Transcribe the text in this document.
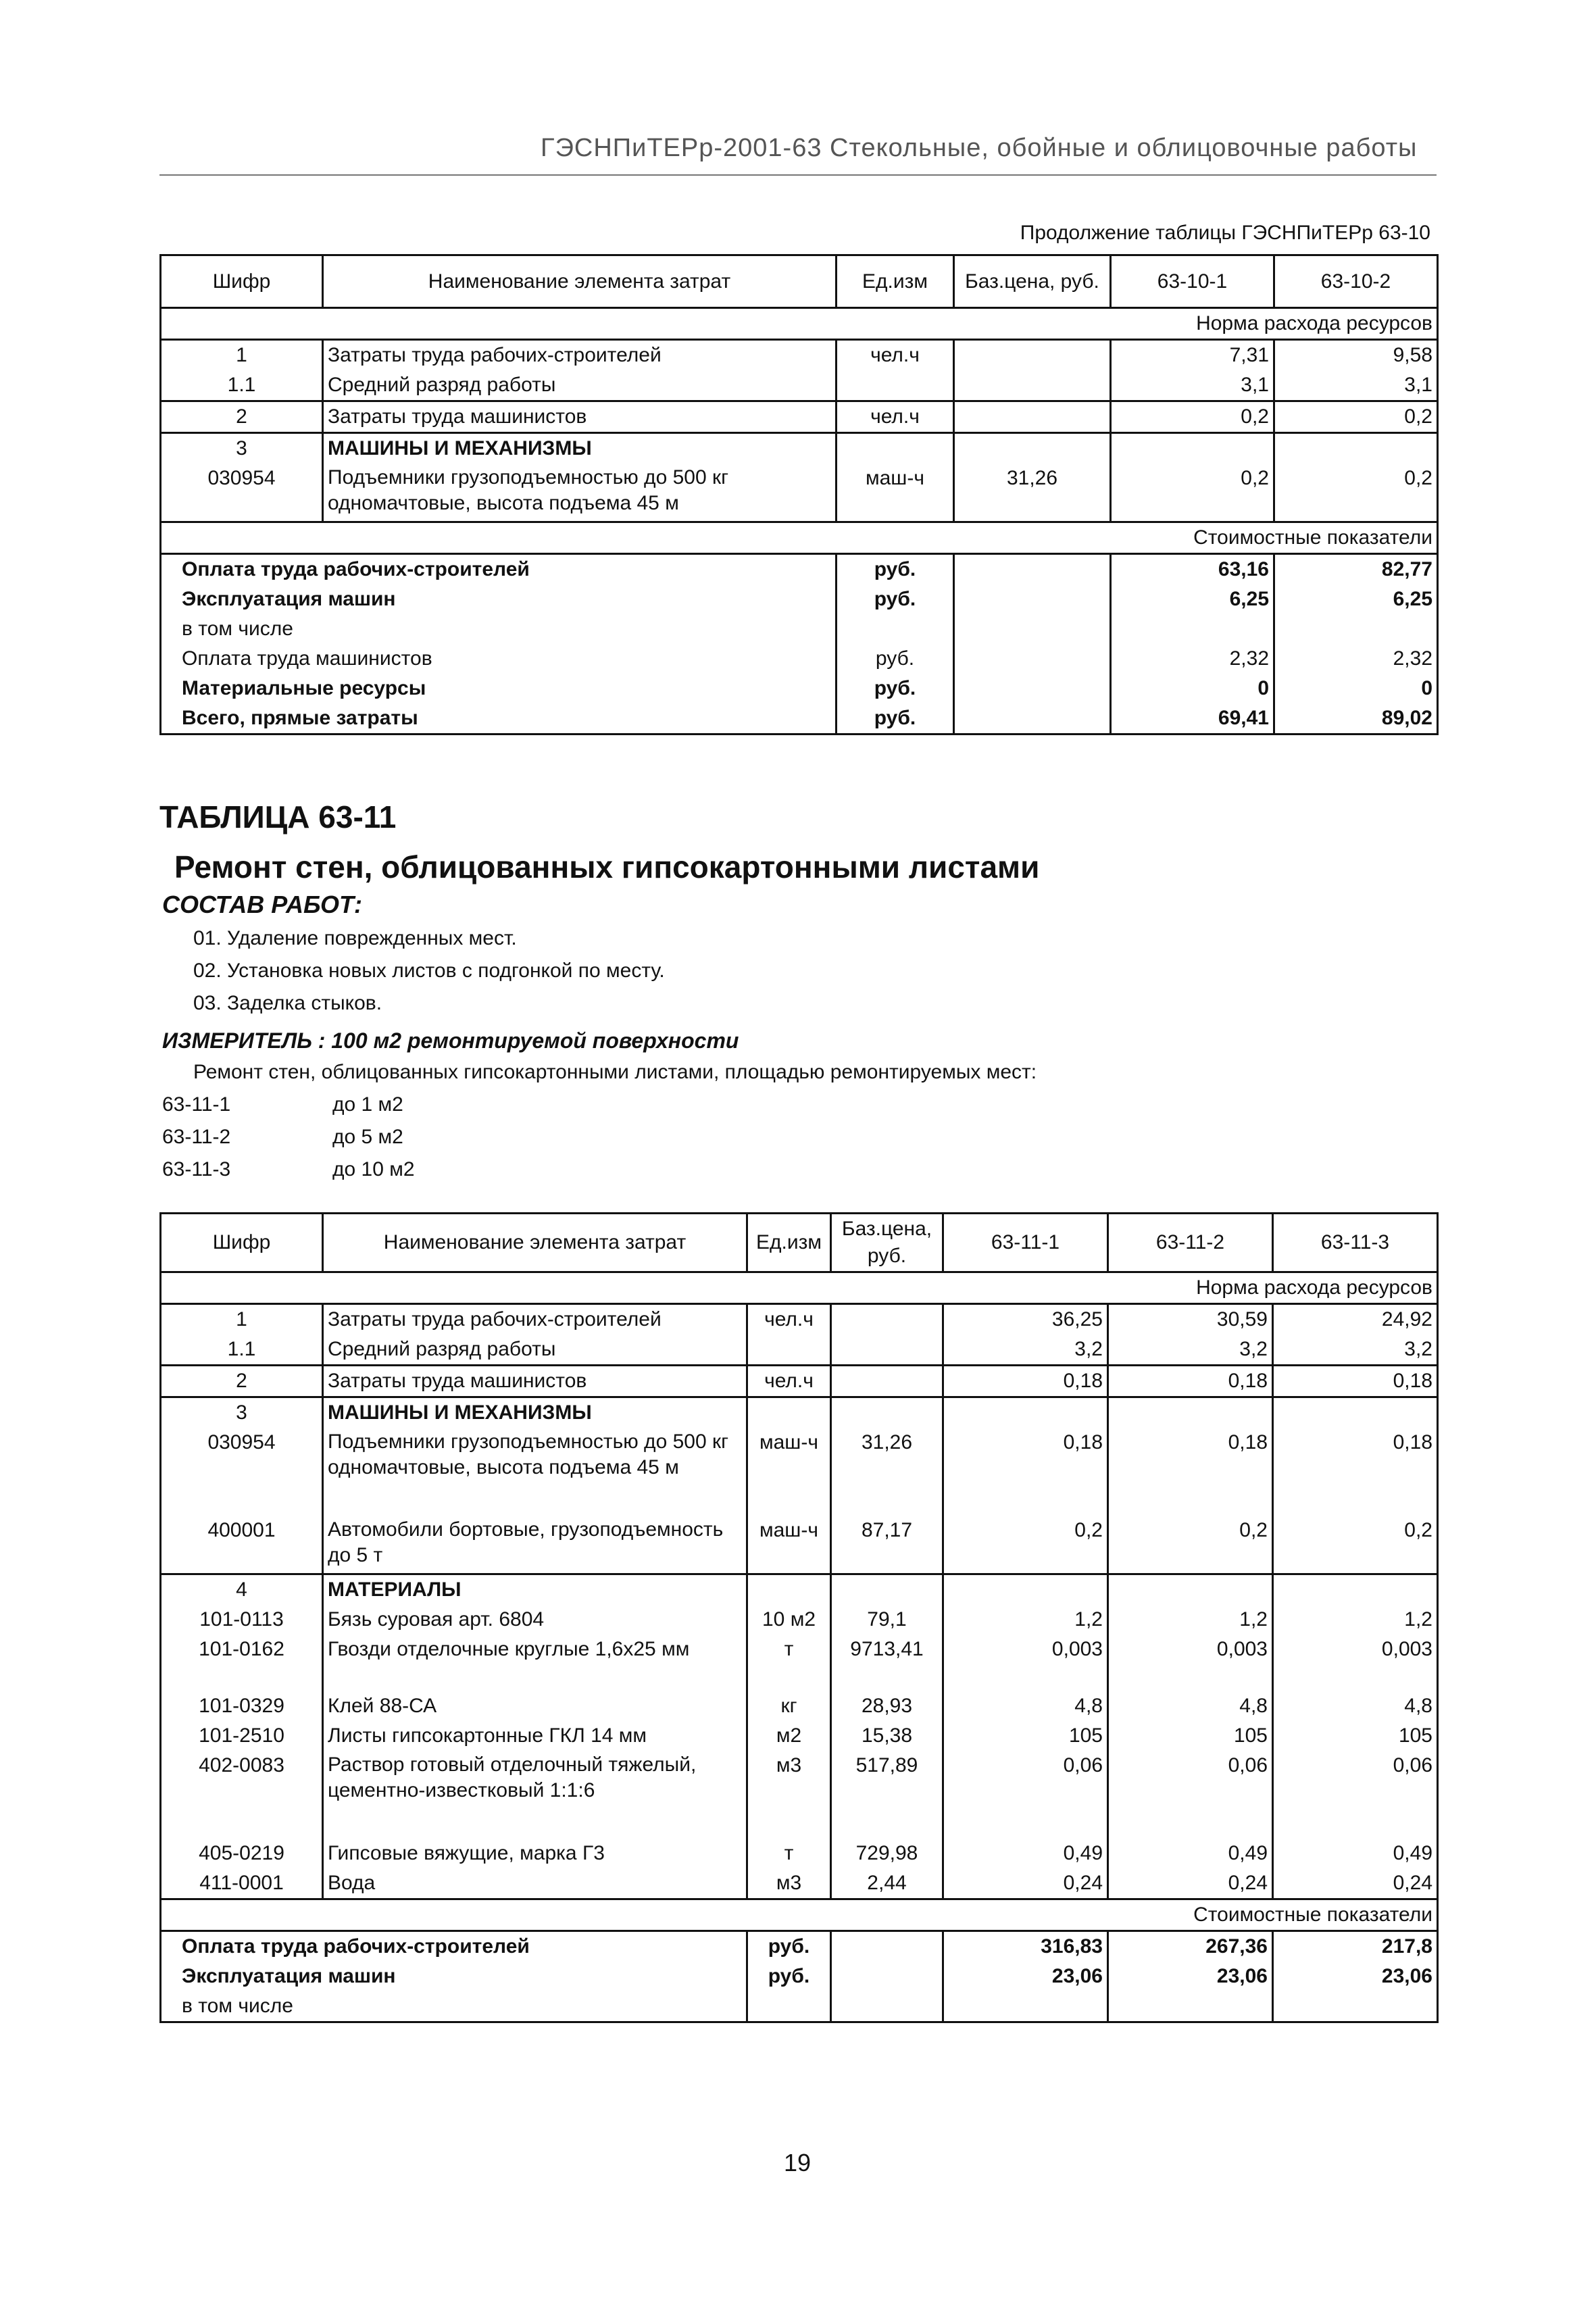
ГЭСНПиТЕРр-2001-63 Стекольные, обойные и облицовочные работы
Продолжение таблицы ГЭСНПиТЕРр 63-10
Шифр	Наименование элемента затрат	Ед.изм	Баз.цена, руб.	63-10-1	63-10-2
Норма расхода ресурсов					
1	Затраты труда рабочих-строителей	чел.ч		7,31	9,58
1.1	Средний разряд работы			3,1	3,1
2	Затраты труда машинистов	чел.ч		0,2	0,2
3	МАШИНЫ И МЕХАНИЗМЫ				
030954	Подъемники грузоподъемностью до 500 кг одномачтовые, высота подъема 45 м	маш-ч	31,26	0,2	0,2
Стоимостные показатели					
Оплата труда рабочих-строителей		руб.		63,16	82,77
Эксплуатация машин		руб.		6,25	6,25
в том числе					
Оплата труда машинистов		руб.		2,32	2,32
Материальные ресурсы		руб.		0	0
Всего, прямые затраты		руб.		69,41	89,02
ТАБЛИЦА 63-11
Ремонт стен, облицованных гипсокартонными листами
СОСТАВ РАБОТ:
01. Удаление поврежденных мест.
02. Установка новых листов с подгонкой по месту.
03. Заделка стыков.
ИЗМЕРИТЕЛЬ : 100 м2 ремонтируемой поверхности
Ремонт стен, облицованных гипсокартонными листами, площадью ремонтируемых мест:
63-11-1	до 1 м2
63-11-2	до 5 м2
63-11-3	до 10 м2
Шифр	Наименование элемента затрат	Ед.изм	Баз.цена, руб.	63-11-1	63-11-2	63-11-3
Норма расхода ресурсов						
1	Затраты труда рабочих-строителей	чел.ч		36,25	30,59	24,92
1.1	Средний разряд работы			3,2	3,2	3,2
2	Затраты труда машинистов	чел.ч		0,18	0,18	0,18
3	МАШИНЫ И МЕХАНИЗМЫ					
030954	Подъемники грузоподъемностью до 500 кг одномачтовые, высота подъема 45 м	маш-ч	31,26	0,18	0,18	0,18
400001	Автомобили бортовые, грузоподъемность до 5 т	маш-ч	87,17	0,2	0,2	0,2
4	МАТЕРИАЛЫ					
101-0113	Бязь суровая арт. 6804	10 м2	79,1	1,2	1,2	1,2
101-0162	Гвозди отделочные круглые 1,6х25 мм	т	9713,41	0,003	0,003	0,003
101-0329	Клей 88-СА	кг	28,93	4,8	4,8	4,8
101-2510	Листы гипсокартонные ГКЛ 14 мм	м2	15,38	105	105	105
402-0083	Раствор готовый отделочный тяжелый, цементно-известковый 1:1:6	м3	517,89	0,06	0,06	0,06
405-0219	Гипсовые вяжущие, марка Г3	т	729,98	0,49	0,49	0,49
411-0001	Вода	м3	2,44	0,24	0,24	0,24
Стоимостные показатели						
Оплата труда рабочих-строителей		руб.		316,83	267,36	217,8
Эксплуатация машин		руб.		23,06	23,06	23,06
в том числе						
19
